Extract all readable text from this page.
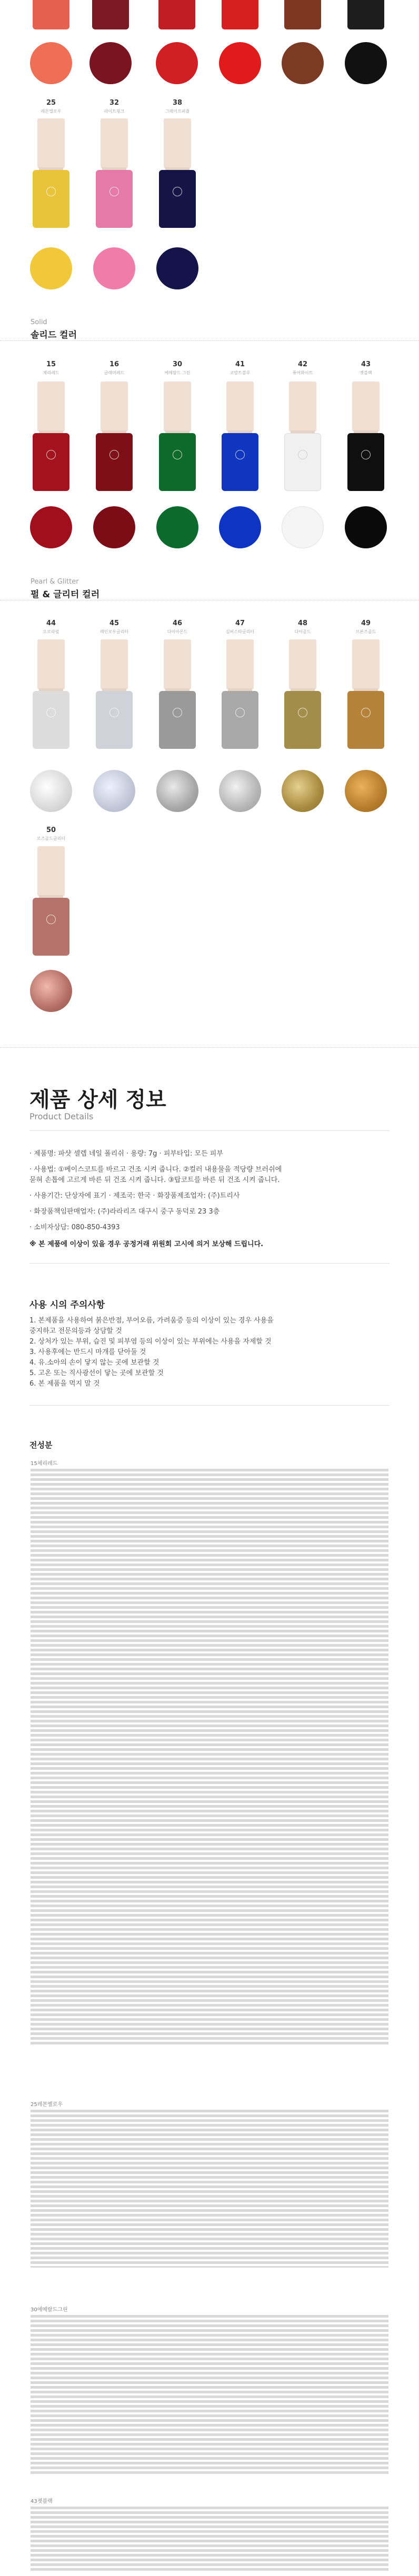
25
레몬엘로우
32
라이트핑크
38
그레이프퍼플
Solid
솔리드 컬러
15
체리레드
16
글래머레드
30
에메랄드 그린
41
코발트블루
42
퓨어화이트
43
젯블랙
Pearl & Glitter
펄 & 글리터 컬러
44
오로라펄
45
레인보우글리터
46
다이아몬드
47
실버스타글리터
48
다이골드
49
브론즈골드
50
로즈골드글리터
제품 상세 정보
Product Details
· 제품명: 파샷 셀렙 네일 폴리쉬 · 용량: 7g · 피부타입: 모든 피부
· 사용법: ①베이스코트를 바르고 건조 시켜 줍니다. ②컬러 내용물을 적당량 브러쉬에
묻혀 손톱에 고르게 바른 뒤 건조 시켜 줍니다. ③탑코트를 바른 뒤 건조 시켜 줍니다.
· 사용기간: 단상자에 표기 · 제조국: 한국 · 화장품제조업자: (주)트리사
· 화장품책임판매업자: (주)라라리즈 대구시 중구 동덕로 23 3층
· 소비자상담: 080-850-4393
※ 본 제품에 이상이 있을 경우 공정거래 위원회 고시에 의거 보상해 드립니다.
사용 시의 주의사항
1. 본제품을 사용하여 붉은반점, 부어오름, 가려움증 등의 이상이 있는 경우 사용을
중지하고 전문의등과 상담할 것
2. 상처가 있는 부위, 습진 및 피부염 등의 이상이 있는 부위에는 사용을 자제할 것
3. 사용후에는 반드시 마개를 닫아둘 것
4. 유.소아의 손이 닿지 않는 곳에 보관할 것
5. 고온 또는 직사광선이 닿는 곳에 보관할 것
6. 본 제품을 먹지 말 것
전성분
15체리레드
25레몬옐로우
30에메랄드그린
43젯블랙
